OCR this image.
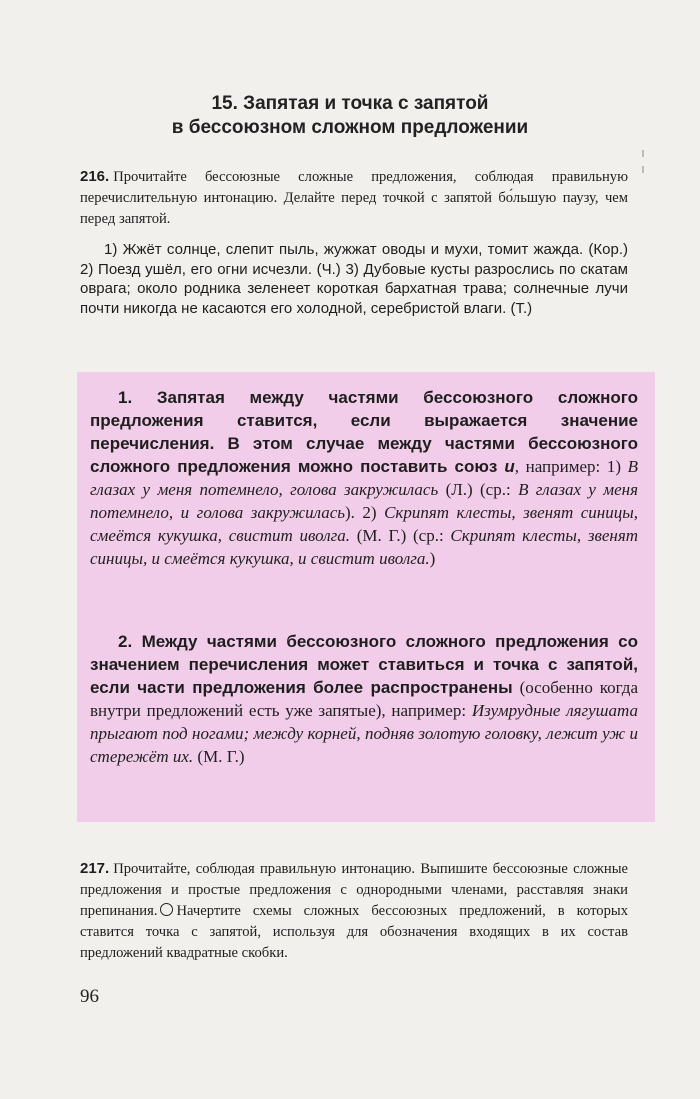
15. Запятая и точка с запятой
в бессоюзном сложном предложении
216. Прочитайте бессоюзные сложные предложения, соблюдая правильную перечислительную интонацию. Делайте перед точкой с запятой бо́льшую паузу, чем перед запятой.
1) Жжёт солнце, слепит пыль, жужжат оводы и мухи, томит жажда. (Кор.) 2) Поезд ушёл, его огни исчезли. (Ч.) 3) Дубовые кусты разрослись по скатам оврага; около родника зеленеет короткая бархатная трава; солнечные лучи почти никогда не касаются его холодной, серебристой влаги. (Т.)
1. Запятая между частями бессоюзного сложного предложения ставится, если выражается значение перечисления. В этом случае между частями бессоюзного сложного предложения можно поставить союз и, например: 1) В глазах у меня потемнело, голова закружилась (Л.) (ср.: В глазах у меня потемнело, и голова закружилась). 2) Скрипят клесты, звенят синицы, смеётся кукушка, свистит иволга. (М. Г.) (ср.: Скрипят клесты, звенят синицы, и смеётся кукушка, и свистит иволга.)
2. Между частями бессоюзного сложного предложения со значением перечисления может ставиться и точка с запятой, если части предложения более распространены (особенно когда внутри предложений есть уже запятые), например: Изумрудные лягушата прыгают под ногами; между корней, подняв золотую головку, лежит уж и стережёт их. (М. Г.)
217. Прочитайте, соблюдая правильную интонацию. Выпишите бессоюзные сложные предложения и простые предложения с однородными членами, расставляя знаки препинания. Начертите схемы сложных бессоюзных предложений, в которых ставится точка с запятой, используя для обозначения входящих в их состав предложений квадратные скобки.
96
